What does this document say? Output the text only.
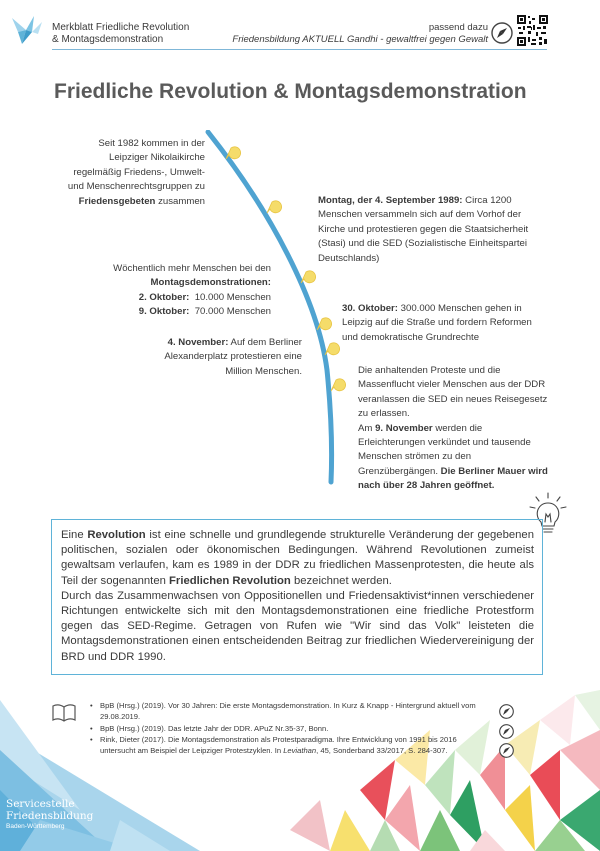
Merkblatt Friedliche Revolution
& Montagsdemonstration
passend dazu
Friedensbildung AKTUELL Gandhi - gewaltfrei gegen Gewalt
Friedliche Revolution & Montagsdemonstration
Seit 1982 kommen in der
Leipziger Nikolaikirche
regelmäßig Friedens-, Umwelt-
und Menschenrechtsgruppen zu
Friedensgebeten zusammen	Montag, der 4. September 1989: Circa 1200 Menschen versammeln sich auf dem Vorhof der Kirche und protestieren gegen die Staatsicherheit (Stasi) und die SED (Sozialistische Einheitspartei Deutschlands)
Wöchentlich mehr Menschen bei den
Montagsdemonstrationen:
2. Oktober:  10.000 Menschen
9. Oktober:  70.000 Menschen	30. Oktober: 300.000 Menschen gehen in Leipzig auf die Straße und fordern Reformen und demokratische Grundrechte
4. November: Auf dem Berliner Alexanderplatz protestieren eine Million Menschen.	Die anhaltenden Proteste und die Massenflucht vieler Menschen aus der DDR veranlassen die SED ein neues Reisegesetz zu erlassen.
Am 9. November werden die Erleichterungen verkündet und tausende Menschen strömen zu den Grenzübergängen. Die Berliner Mauer wird nach über 28 Jahren geöffnet.

Eine Revolution ist eine schnelle und grundlegende strukturelle Veränderung der gegebenen politischen, sozialen oder ökonomischen Bedingungen. Während Revolutionen zumeist gewaltsam verlaufen, kam es 1989 in der DDR zu friedlichen Massenprotesten, die heute als Teil der sogenannten Friedlichen Revolution bezeichnet werden.

Durch das Zusammenwachsen von Oppositionellen und Friedensaktivist*innen verschiedener Richtungen entwickelte sich mit den Montagsdemonstrationen eine friedliche Protestform gegen das SED-Regime. Getragen von Rufen wie "Wir sind das Volk" leisteten die Montagsdemonstrationen einen entscheidenden Beitrag zur friedlichen Wiedervereinigung der BRD und DDR 1990.

Servicestelle
Friedensbildung
Baden-Württemberg
• BpB (Hrsg.) (2019). Vor 30 Jahren: Die erste Montagsdemonstration. In Kurz & Knapp - Hintergrund aktuell vom 29.08.2019.
• BpB (Hrsg.) (2019). Das letzte Jahr der DDR. APuZ Nr.35-37, Bonn.
• Rink, Dieter (2017). Die Montagsdemonstration als Protestparadigma. Ihre Entwicklung von 1991 bis 2016 untersucht am Beispiel der Leipziger Protestzyklen. In Leviathan, 45, Sonderband 33/2017, S. 284-307.
